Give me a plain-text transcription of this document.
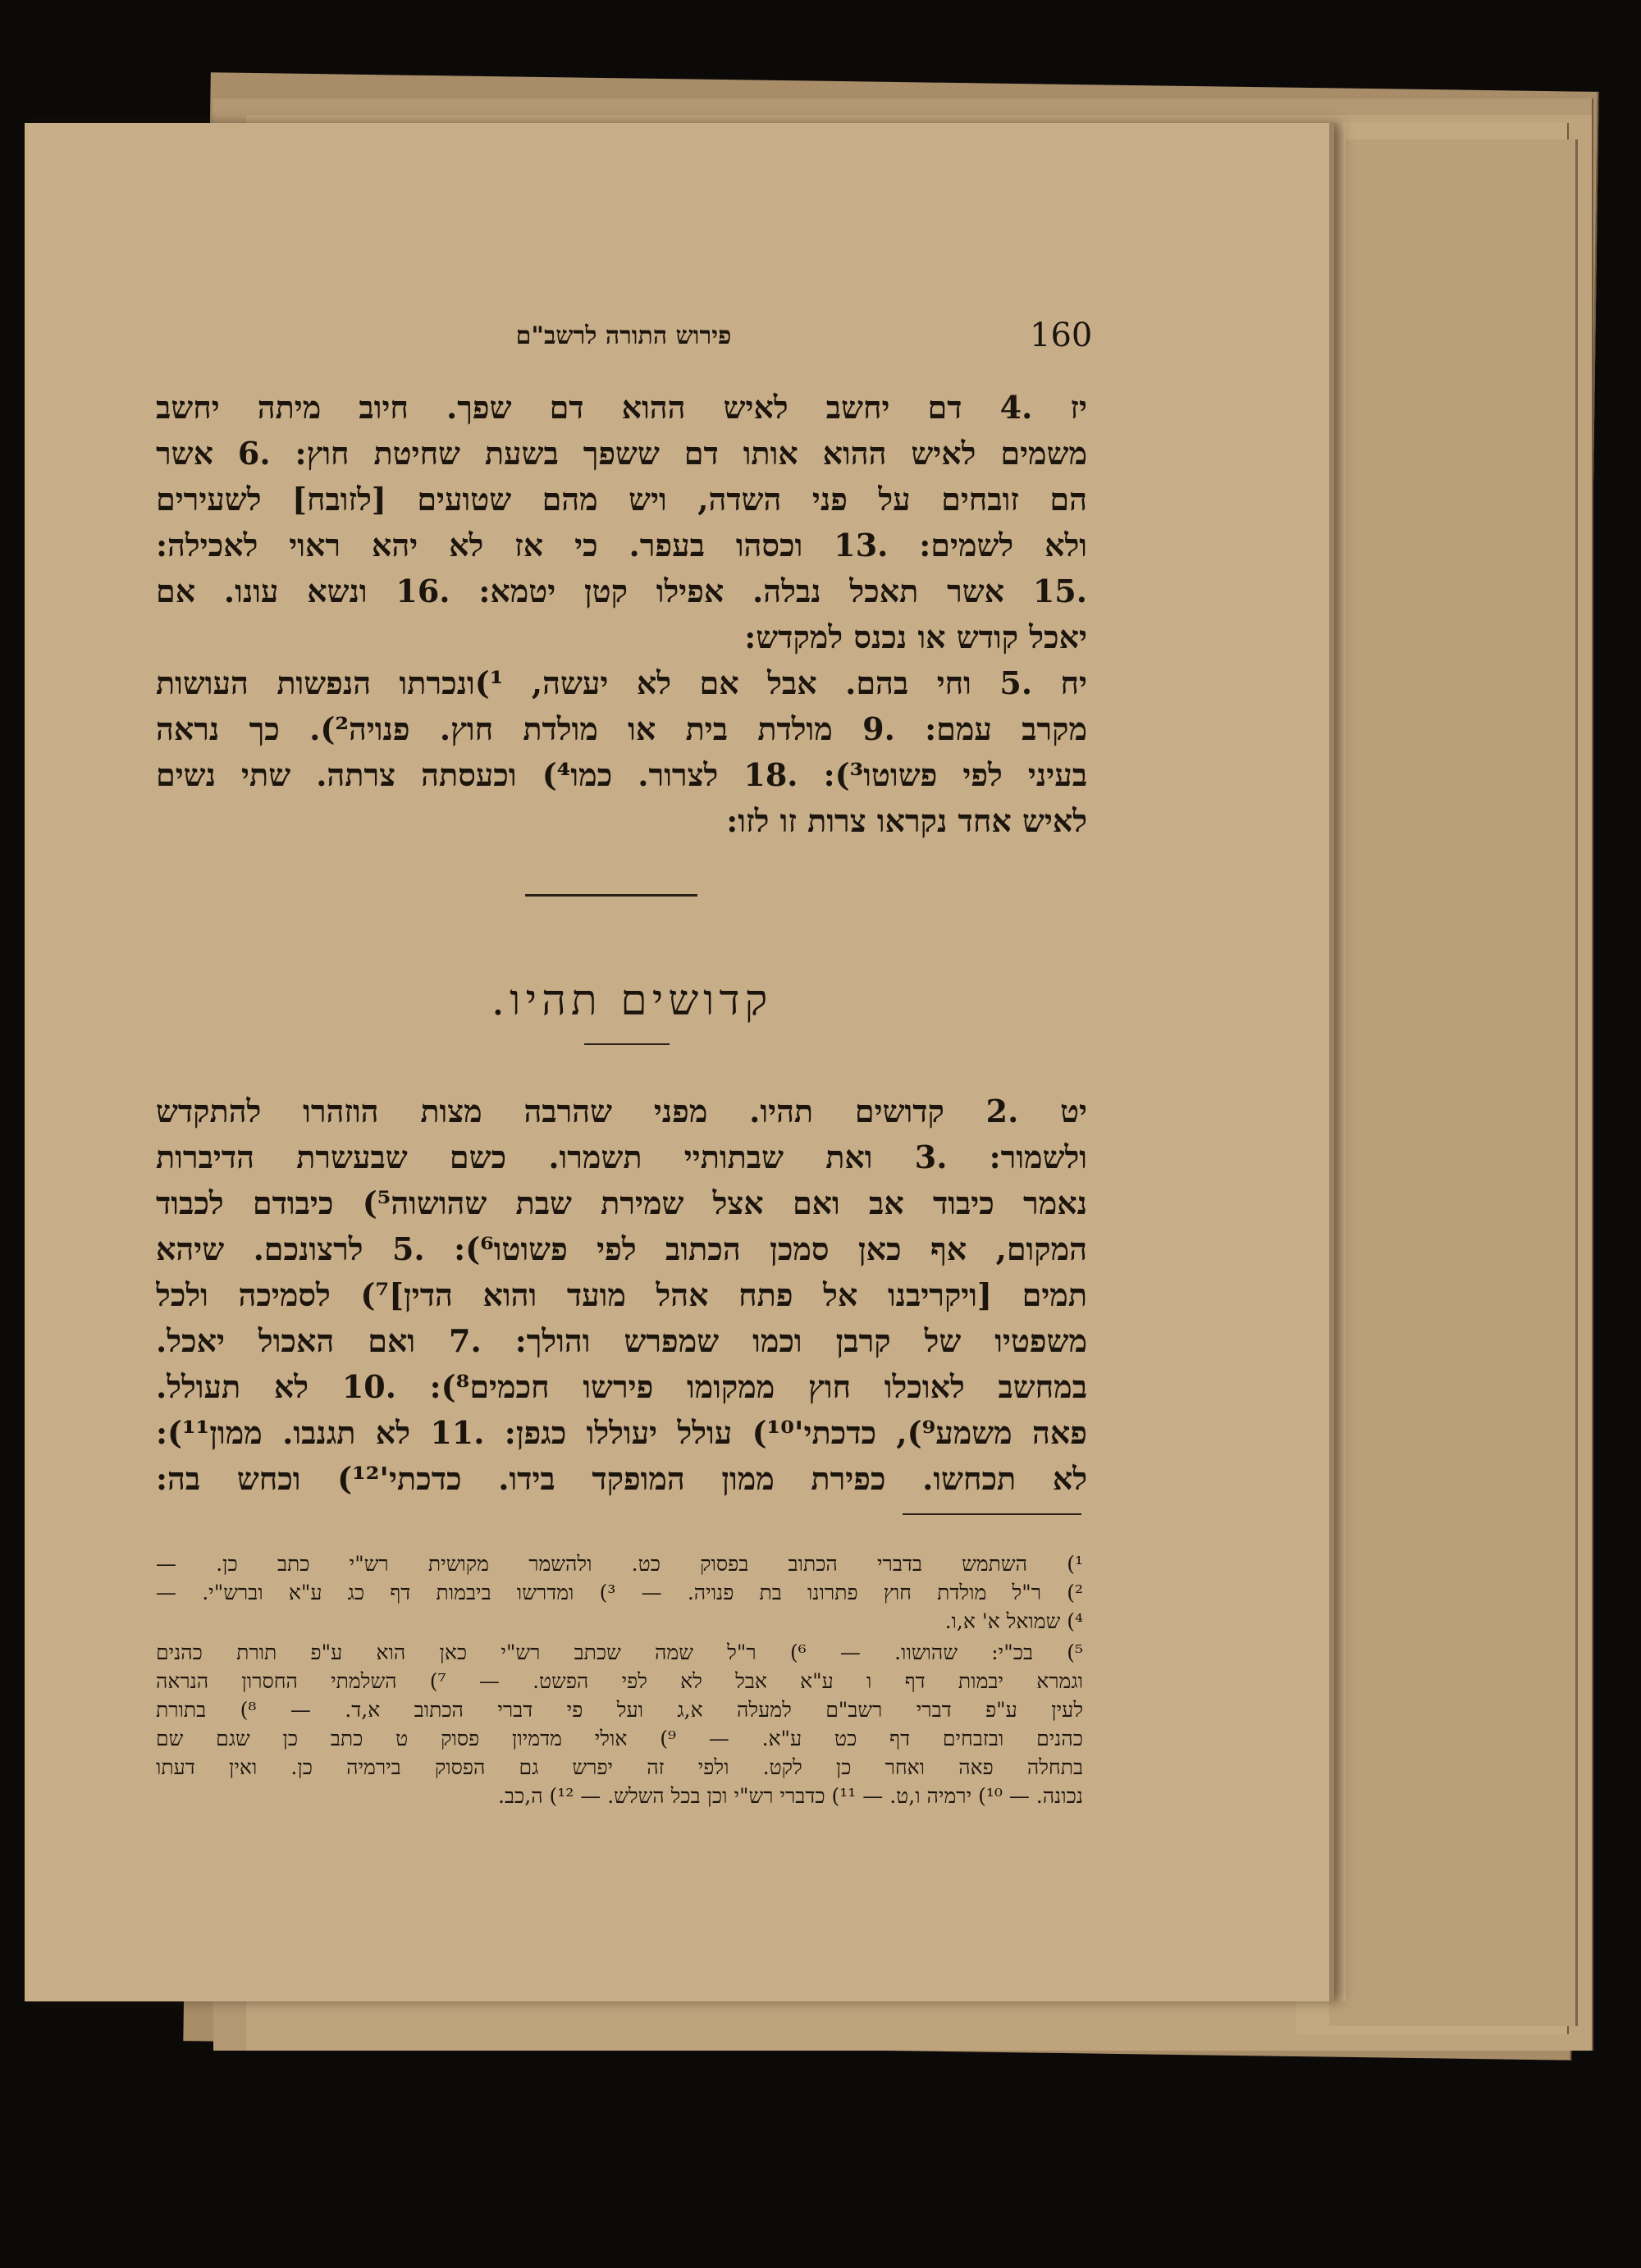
פירוש התורה לרשב"ם	160
יז .4 דם יחשב לאיש ההוא דם שפך. חיוב מיתה יחשב
משמים לאיש ההוא אותו דם ששפך בשעת שחיטת חוץ: .6 אשר
הם זובחים על פני השדה, ויש מהם שטועים [לזובח] לשעירים
ולא לשמים: .13 וכסהו בעפר. כי אז לא יהא ראוי לאכילה:
.15 אשר תאכל נבלה. אפילו קטן יטמא: .16 ונשא עונו. אם
יאכל קודש או נכנס למקדש:
יח .5 וחי בהם. אבל אם לא יעשה, ¹)ונכרתו הנפשות העושות
מקרב עמם: .9 מולדת בית או מולדת חוץ. פנויה²). כך נראה
בעיני לפי פשוטו³): .18 לצרור. כמו⁴) וכעסתה צרתה. שתי נשים
לאיש אחד נקראו צרות זו לזו:
קדושים תהיו.
יט .2 קדושים תהיו. מפני שהרבה מצות הוזהרו להתקדש
ולשמור: .3 ואת שבתותיי תשמרו. כשם שבעשרת הדיברות
נאמר כיבוד אב ואם אצל שמירת שבת שהושוה⁵) כיבודם לכבוד
המקום, אף כאן סמכן הכתוב לפי פשוטו⁶): .5 לרצונכם. שיהא
תמים [ויקריבנו אל פתח אהל מועד והוא הדין]⁷) לסמיכה ולכל
משפטיו של קרבן וכמו שמפרש והולך: .7 ואם האכול יאכל.
במחשב לאוכלו חוץ ממקומו פירשו חכמים⁸): .10 לא תעולל.
פאה משמע⁹), כדכתי'¹⁰) עולל יעוללו כגפן: .11 לא תגנבו. ממון¹¹):
לא תכחשו. כפירת ממון המופקד בידו. כדכתי'¹²) וכחש בה:
¹) השתמש בדברי הכתוב בפסוק כט. ולהשמר מקושית רש"י כתב כן. —
²) ר"ל מולדת חוץ פתרונו בת פנויה. — ³) ומדרשו ביבמות דף כג ע"א וברש"י. —
⁴) שמואל א' א,ו.
⁵) בכ"י: שהושוו. — ⁶) ר"ל שמה שכתב רש"י כאן הוא ע"פ תורת כהנים
וגמרא יבמות דף ו ע"א אבל לא לפי הפשט. — ⁷) השלמתי החסרון הנראה
לעין ע"פ דברי רשב"ם למעלה א,ג ועל פי דברי הכתוב א,ד. — ⁸) בתורת
כהנים ובזבחים דף כט ע"א. — ⁹) אולי מדמיון פסוק ט כתב כן שגם שם
בתחלה פאה ואחר כן לקט. ולפי זה יפרש גם הפסוק בירמיה כן. ואין דעתו
נכונה. — ¹⁰) ירמיה ו,ט. — ¹¹) כדברי רש"י וכן בכל השלש. — ¹²) ה,כב.
